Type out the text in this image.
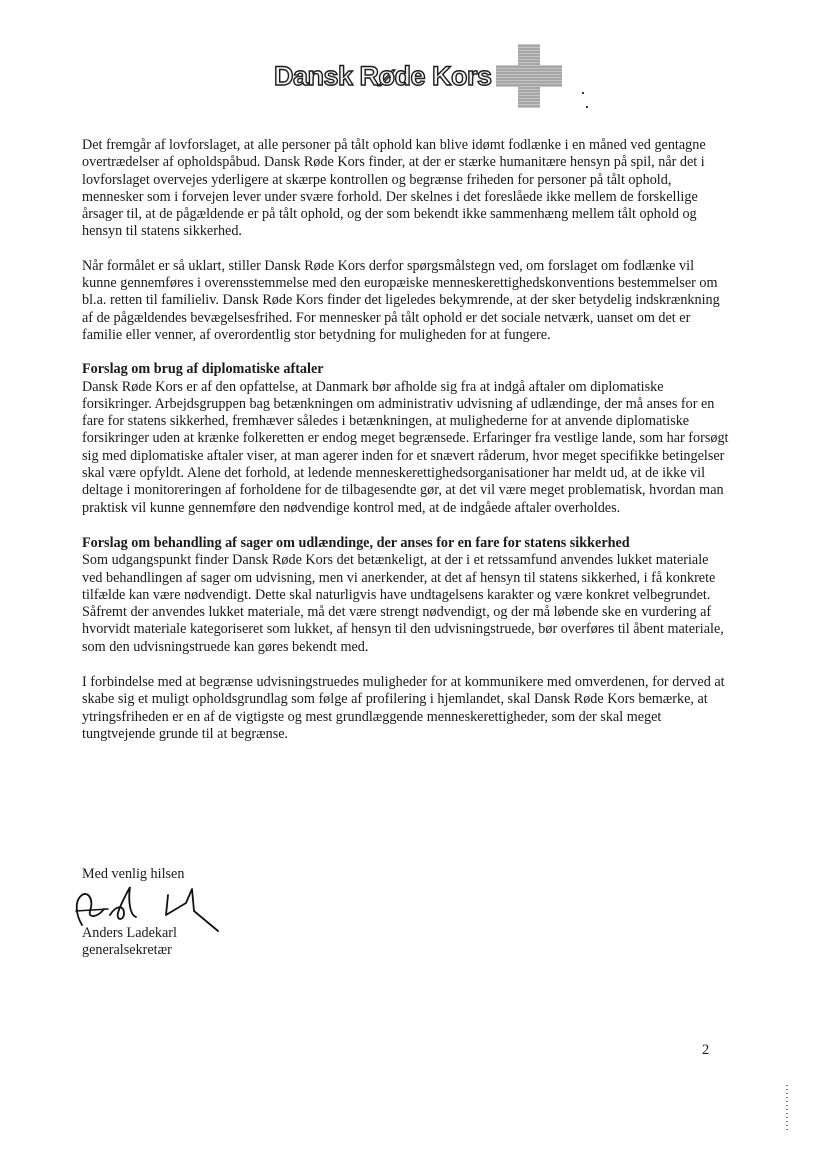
Dansk Røde Kors

Det fremgår af lovforslaget, at alle personer på tålt ophold kan blive idømt fodlænke i en måned ved gentagne overtrædelser af opholdspåbud. Dansk Røde Kors finder, at der er stærke humanitære hensyn på spil, når det i lovforslaget overvejes yderligere at skærpe kontrollen og begrænse friheden for personer på tålt ophold, mennesker som i forvejen lever under svære forhold. Der skelnes i det foreslåede ikke mellem de forskellige årsager til, at de pågældende er på tålt ophold, og der som bekendt ikke sammenhæng mellem tålt ophold og hensyn til statens sikkerhed.

Når formålet er så uklart, stiller Dansk Røde Kors derfor spørgsmålstegn ved, om forslaget om fodlænke vil kunne gennemføres i overensstemmelse med den europæiske menneskerettighedskonventions bestemmelser om bl.a. retten til familieliv. Dansk Røde Kors finder det ligeledes bekymrende, at der sker betydelig indskrænkning af de pågældendes bevægelsesfrihed. For mennesker på tålt ophold er det sociale netværk, uanset om det er familie eller venner, af overordentlig stor betydning for muligheden for at fungere.

Forslag om brug af diplomatiske aftaler
Dansk Røde Kors er af den opfattelse, at Danmark bør afholde sig fra at indgå aftaler om diplomatiske forsikringer. Arbejdsgruppen bag betænkningen om administrativ udvisning af udlændinge, der må anses for en fare for statens sikkerhed, fremhæver således i betænkningen, at mulighederne for at anvende diplomatiske forsikringer uden at krænke folkeretten er endog meget begrænsede. Erfaringer fra vestlige lande, som har forsøgt sig med diplomatiske aftaler viser, at man agerer inden for et snævert råderum, hvor meget specifikke betingelser skal være opfyldt. Alene det forhold, at ledende menneskerettighedsorganisationer har meldt ud, at de ikke vil deltage i monitoreringen af forholdene for de tilbagesendte gør, at det vil være meget problematisk, hvordan man praktisk vil kunne gennemføre den nødvendige kontrol med, at de indgåede aftaler overholdes.
Forslag om behandling af sager om udlændinge, der anses for en fare for statens sikkerhed
Som udgangspunkt finder Dansk Røde Kors det betænkeligt, at der i et retssamfund anvendes lukket materiale ved behandlingen af sager om udvisning, men vi anerkender, at det af hensyn til statens sikkerhed, i få konkrete tilfælde kan være nødvendigt. Dette skal naturligvis have undtagelsens karakter og være konkret velbegrundet. Såfremt der anvendes lukket materiale, må det være strengt nødvendigt, og der må løbende ske en vurdering af hvorvidt materiale kategoriseret som lukket, af hensyn til den udvisningstruede, bør overføres til åbent materiale, som den udvisningstruede kan gøres bekendt med.

I forbindelse med at begrænse udvisningstruedes muligheder for at kommunikere med omverdenen, for derved at skabe sig et muligt opholdsgrundlag som følge af profilering i hjemlandet, skal Dansk Røde Kors bemærke, at ytringsfriheden er en af de vigtigste og mest grundlæggende menneskerettigheder, som der skal meget tungtvejende grunde til at begrænse.

Med venlig hilsen
Anders Ladekarl
generalsekretær
2
